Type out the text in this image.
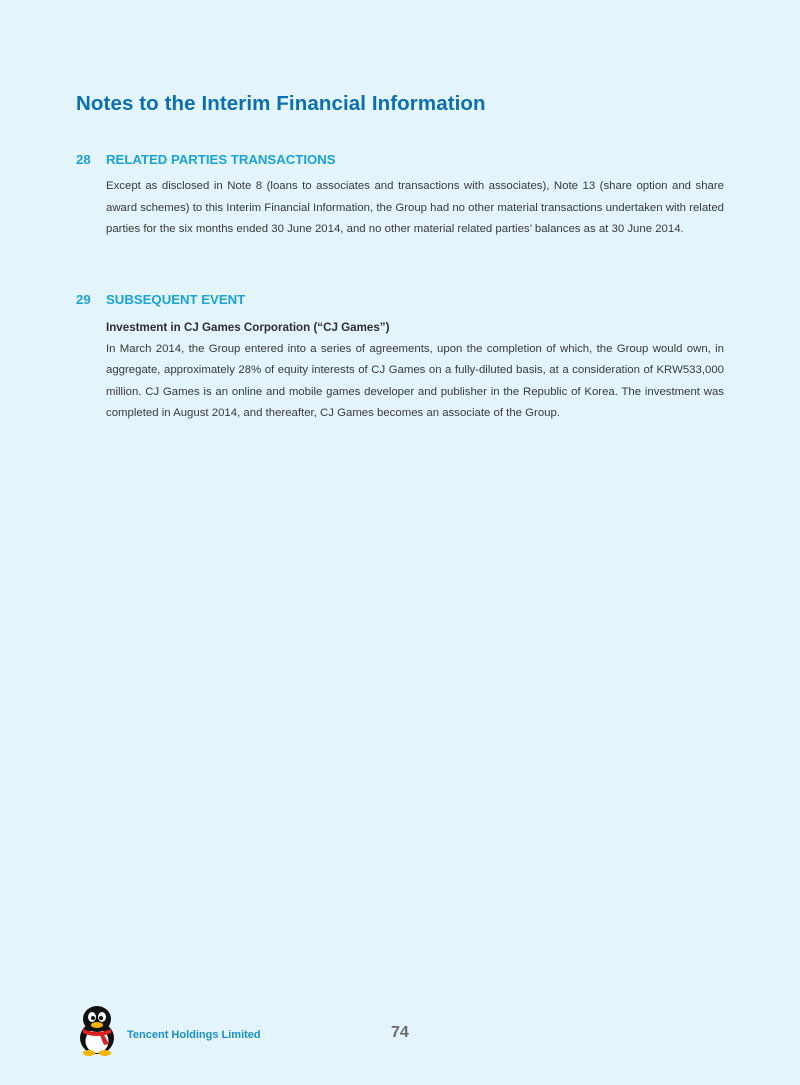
Notes to the Interim Financial Information
28	RELATED PARTIES TRANSACTIONS

Except as disclosed in Note 8 (loans to associates and transactions with associates), Note 13 (share option and share award schemes) to this Interim Financial Information, the Group had no other material transactions undertaken with related parties for the six months ended 30 June 2014, and no other material related parties’ balances as at 30 June 2014.

29	SUBSEQUENT EVENT

Investment in CJ Games Corporation (“CJ Games”)

In March 2014, the Group entered into a series of agreements, upon the completion of which, the Group would own, in aggregate, approximately 28% of equity interests of CJ Games on a fully-diluted basis, at a consideration of KRW533,000 million. CJ Games is an online and mobile games developer and publisher in the Republic of Korea. The investment was completed in August 2014, and thereafter, CJ Games becomes an associate of the Group.

Tencent Holdings Limited	74
